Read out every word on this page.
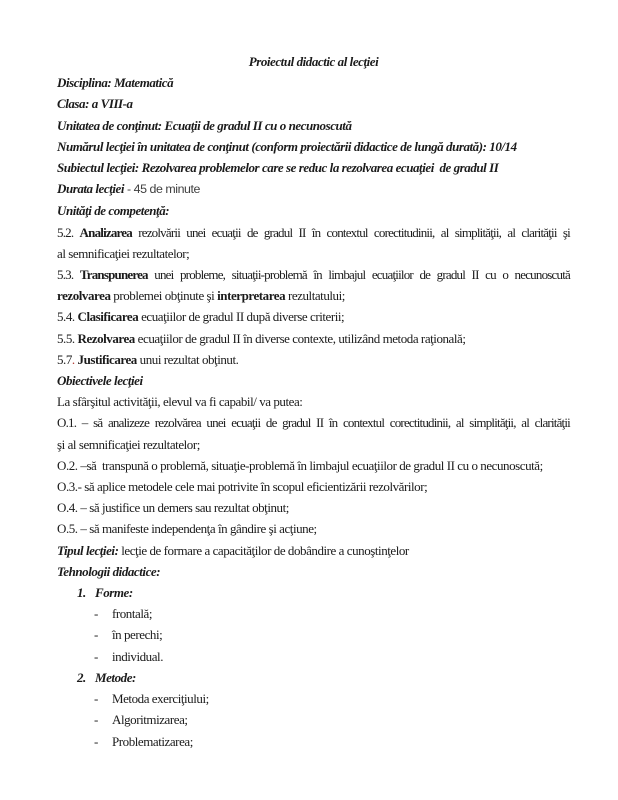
Proiectul didactic al lecţiei
Disciplina: Matematică
Clasa: a VIII-a
Unitatea de conţinut: Ecuaţii de gradul II cu o necunoscută
Numărul lecţiei în unitatea de conţinut (conform proiectării didactice de lungă durată): 10/14
Subiectul lecţiei: Rezolvarea problemelor care se reduc la rezolvarea ecuaţiei  de gradul II
Durata lecţiei - 45 de minute
Unităţi de competenţă:
5.2. Analizarea rezolvării unei ecuaţii de gradul II în contextul corectitudinii, al simplităţii, al clarităţii şi
al semnificaţiei rezultatelor;
5.3. Transpunerea unei probleme, situaţii-problemă în limbajul ecuaţiilor de gradul II cu o necunoscută
rezolvarea problemei obţinute şi interpretarea rezultatului;
5.4. Clasificarea ecuaţiilor de gradul II după diverse criterii;
5.5. Rezolvarea ecuaţiilor de gradul II în diverse contexte, utilizând metoda raţională;
5.7. Justificarea unui rezultat obţinut.
Obiectivele lecţiei
La sfârşitul activităţii, elevul va fi capabil/ va putea:
O.1. – să analizeze rezolvărea unei ecuaţii de gradul II în contextul corectitudinii, al simplităţii, al clarităţii
şi al semnificaţiei rezultatelor;
O.2. –să  transpună o problemă, situaţie-problemă în limbajul ecuaţiilor de gradul II cu o necunoscută;
O.3.- să aplice metodele cele mai potrivite în scopul eficientizării rezolvărilor;
O.4. – să justifice un demers sau rezultat obţinut;
O.5. – să manifeste independenţa în gândire şi acţiune;
Tipul lecţiei: lecţie de formare a capacităţilor de dobândire a cunoştinţelor
Tehnologii didactice:
1. Forme:
-	frontală;
-	în perechi;
-	individual.
2. Metode:
-	Metoda exerciţiului;
-	Algoritmizarea;
-	Problematizarea;
